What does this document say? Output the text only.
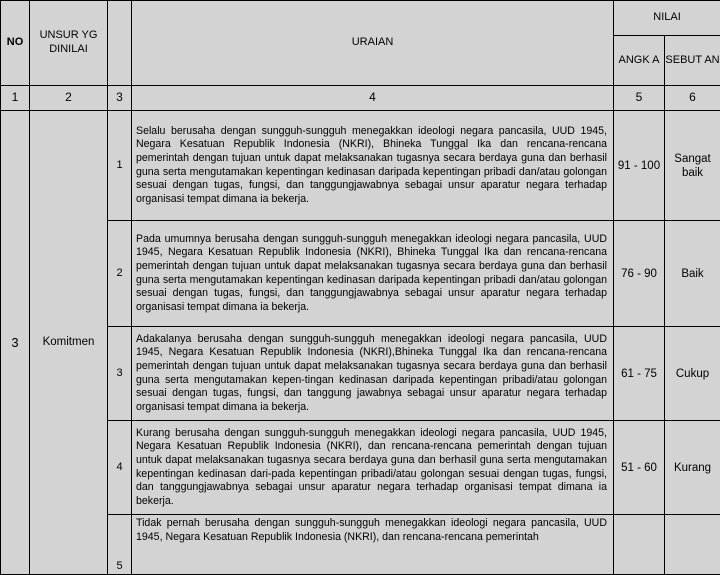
NO	UNSUR YG DINILAI		URAIAN	NILAI	
				ANGK A	SEBUT AN
1	2	3	4	5	6
3	Komitmen	1	Selalu berusaha dengan sungguh-sungguh menegakkan ideologi negara pancasila, UUD 1945, Negara Kesatuan Republik Indonesia (NKRI), Bhineka Tunggal Ika dan rencana-rencana pemerintah dengan tujuan untuk dapat melaksanakan tugasnya secara berdaya guna dan berhasil guna serta mengutamakan kepentingan kedinasan daripada kepentingan pribadi dan/atau golongan sesuai dengan tugas, fungsi, dan tanggungjawabnya sebagai unsur aparatur negara terhadap organisasi tempat dimana ia bekerja.	91 - 100	Sangat baik
		2	Pada umumnya berusaha dengan sungguh-sungguh menegakkan ideologi negara pancasila, UUD 1945, Negara Kesatuan Republik Indonesia (NKRI), Bhineka Tunggal Ika dan rencana-rencana pemerintah dengan tujuan untuk dapat melaksanakan tugasnya secara berdaya guna dan berhasil guna serta mengutamakan kepentingan kedinasan daripada kepentingan pribadi dan/atau golongan sesuai dengan tugas, fungsi, dan tanggungjawabnya sebagai unsur aparatur negara terhadap organisasi tempat dimana ia bekerja.	76 - 90	Baik
		3	Adakalanya berusaha dengan sungguh-sungguh menegakkan ideologi negara pancasila, UUD 1945, Negara Kesatuan Republik Indonesia (NKRI),Bhineka Tunggal Ika dan rencana-rencana pemerintah dengan tujuan untuk dapat melaksanakan tugasnya secara berdaya guna dan berhasil guna serta mengutamakan kepen-tingan kedinasan daripada kepentingan pribadi/atau golongan sesuai dengan tugas, fungsi, dan tanggung jawabnya sebagai unsur aparatur negara terhadap organisasi tempat dimana ia bekerja.	61 - 75	Cukup
		4	Kurang berusaha dengan sungguh-sungguh menegakkan ideologi negara pancasila, UUD 1945, Negara Kesatuan Republik Indonesia (NKRI), dan rencana-rencana pemerintah dengan tujuan untuk dapat melaksanakan tugasnya secara berdaya guna dan berhasil guna serta mengutamakan kepentingan kedinasan dari-pada kepentingan pribadi/atau golongan sesuai dengan tugas, fungsi, dan tanggungjawabnya sebagai unsur aparatur negara terhadap organisasi tempat dimana ia bekerja.	51 - 60	Kurang
		5	Tidak pernah berusaha dengan sungguh-sungguh menegakkan ideologi negara pancasila, UUD 1945, Negara Kesatuan Republik Indonesia (NKRI), dan rencana-rencana pemerintah		
